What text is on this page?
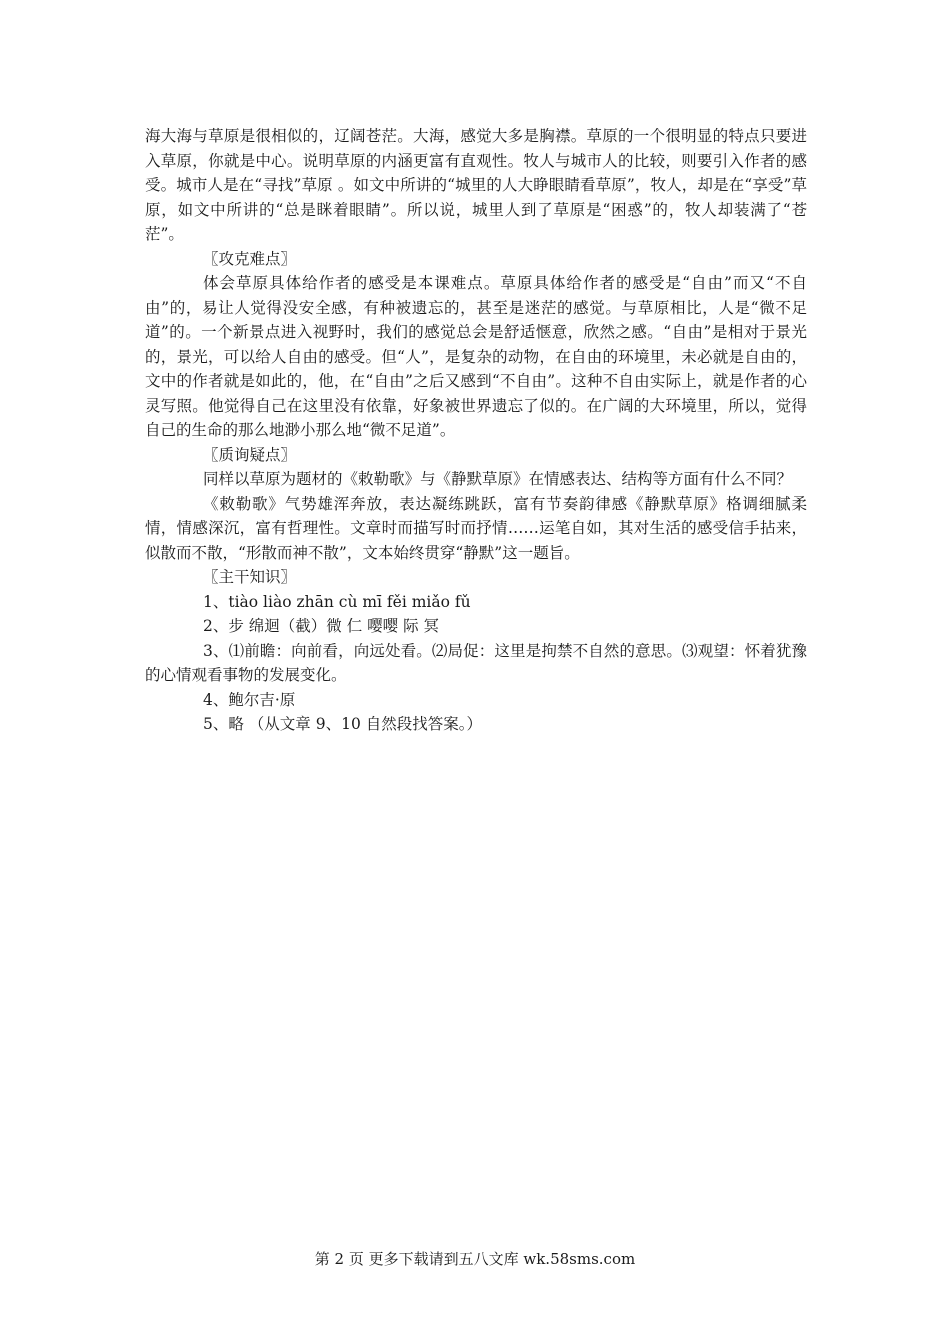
海大海与草原是很相似的，辽阔苍茫。大海，感觉大多是胸襟。草原的一个很明显的特点只要进入草原，你就是中心。说明草原的内涵更富有直观性。牧人与城市人的比较，则要引入作者的感受。城市人是在“寻找”草原 。如文中所讲的“城里的人大睁眼睛看草原”，牧人，却是在“享受”草原，如文中所讲的“总是眯着眼睛”。所以说，城里人到了草原是“困惑”的，牧人却装满了“苍茫”。

〖攻克难点〗

体会草原具体给作者的感受是本课难点。草原具体给作者的感受是“自由”而又“不自由”的，易让人觉得没安全感，有种被遗忘的，甚至是迷茫的感觉。与草原相比，人是“微不足道”的。一个新景点进入视野时，我们的感觉总会是舒适惬意，欣然之感。“自由”是相对于景光的，景光，可以给人自由的感受。但“人”，是复杂的动物，在自由的环境里，未必就是自由的，文中的作者就是如此的，他，在“自由”之后又感到“不自由”。这种不自由实际上，就是作者的心灵写照。他觉得自己在这里没有依靠，好象被世界遗忘了似的。在广阔的大环境里，所以，觉得自己的生命的那么地渺小那么地“微不足道”。

〖质询疑点〗

同样以草原为题材的《敕勒歌》与《静默草原》在情感表达、结构等方面有什么不同？

《敕勒歌》气势雄浑奔放，表达凝练跳跃，富有节奏韵律感《静默草原》格调细腻柔情，情感深沉，富有哲理性。文章时而描写时而抒情……运笔自如，其对生活的感受信手拈来，似散而不散，“形散而神不散”，文本始终贯穿“静默”这一题旨。

〖主干知识〗

1、tiào liào zhān cù mī fěi miǎo fǔ

2、步 绵迴（截）微 仁 嘤嘤 际 冥

3、⑴前瞻：向前看，向远处看。⑵局促：这里是拘禁不自然的意思。⑶观望：怀着犹豫的心情观看事物的发展变化。

4、鲍尔吉·原

5、略 （从文章 9、10 自然段找答案。）

第 2 页 更多下载请到五八文库 wk.58sms.com
